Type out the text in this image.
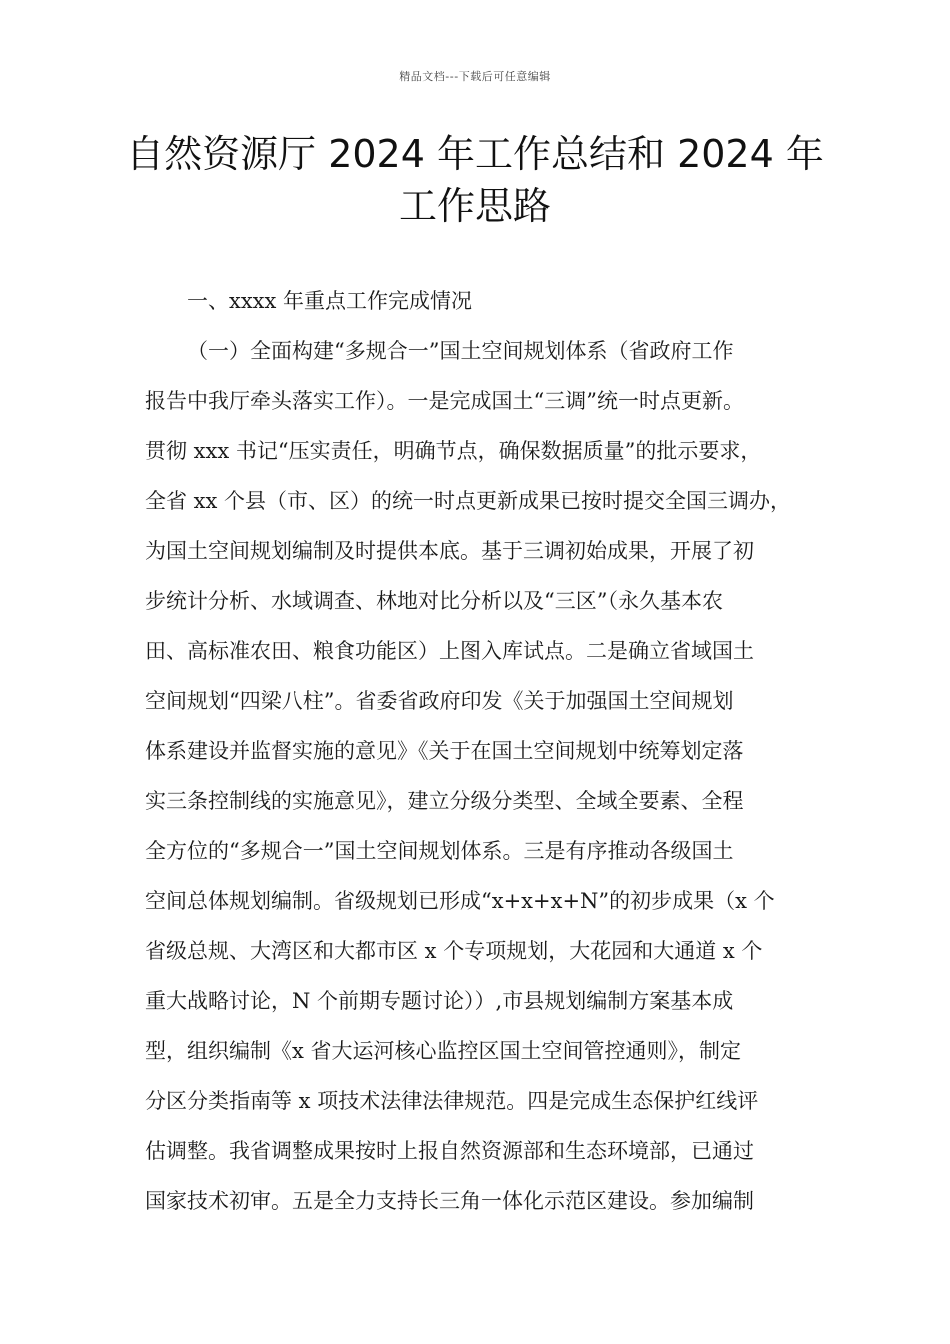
精品文档---下载后可任意编辑
自然资源厅 2024 年工作总结和 2024 年
工作思路

一、xxxx 年重点工作完成情况

（一）全面构建“多规合一”国土空间规划体系（省政府工作
报告中我厅牵头落实工作）。一是完成国土“三调”统一时点更新。
贯彻 xxx 书记“压实责任，明确节点，确保数据质量”的批示要求，
全省 xx 个县（市、区）的统一时点更新成果已按时提交全国三调办，
为国土空间规划编制及时提供本底。基于三调初始成果，开展了初
步统计分析、水域调查、林地对比分析以及“三区”（永久基本农
田、高标准农田、粮食功能区）上图入库试点。二是确立省域国土
空间规划“四梁八柱”。省委省政府印发《关于加强国土空间规划
体系建设并监督实施的意见》《关于在国土空间规划中统筹划定落
实三条控制线的实施意见》，建立分级分类型、全域全要素、全程
全方位的“多规合一”国土空间规划体系。三是有序推动各级国土
空间总体规划编制。省级规划已形成“x+x+x+N”的初步成果（x 个
省级总规、大湾区和大都市区 x 个专项规划，大花园和大通道 x 个
重大战略讨论，N 个前期专题讨论））,市县规划编制方案基本成
型，组织编制《x 省大运河核心监控区国土空间管控通则》，制定
分区分类指南等 x 项技术法律法律规范。四是完成生态保护红线评
估调整。我省调整成果按时上报自然资源部和生态环境部，已通过
国家技术初审。五是全力支持长三角一体化示范区建设。参加编制
